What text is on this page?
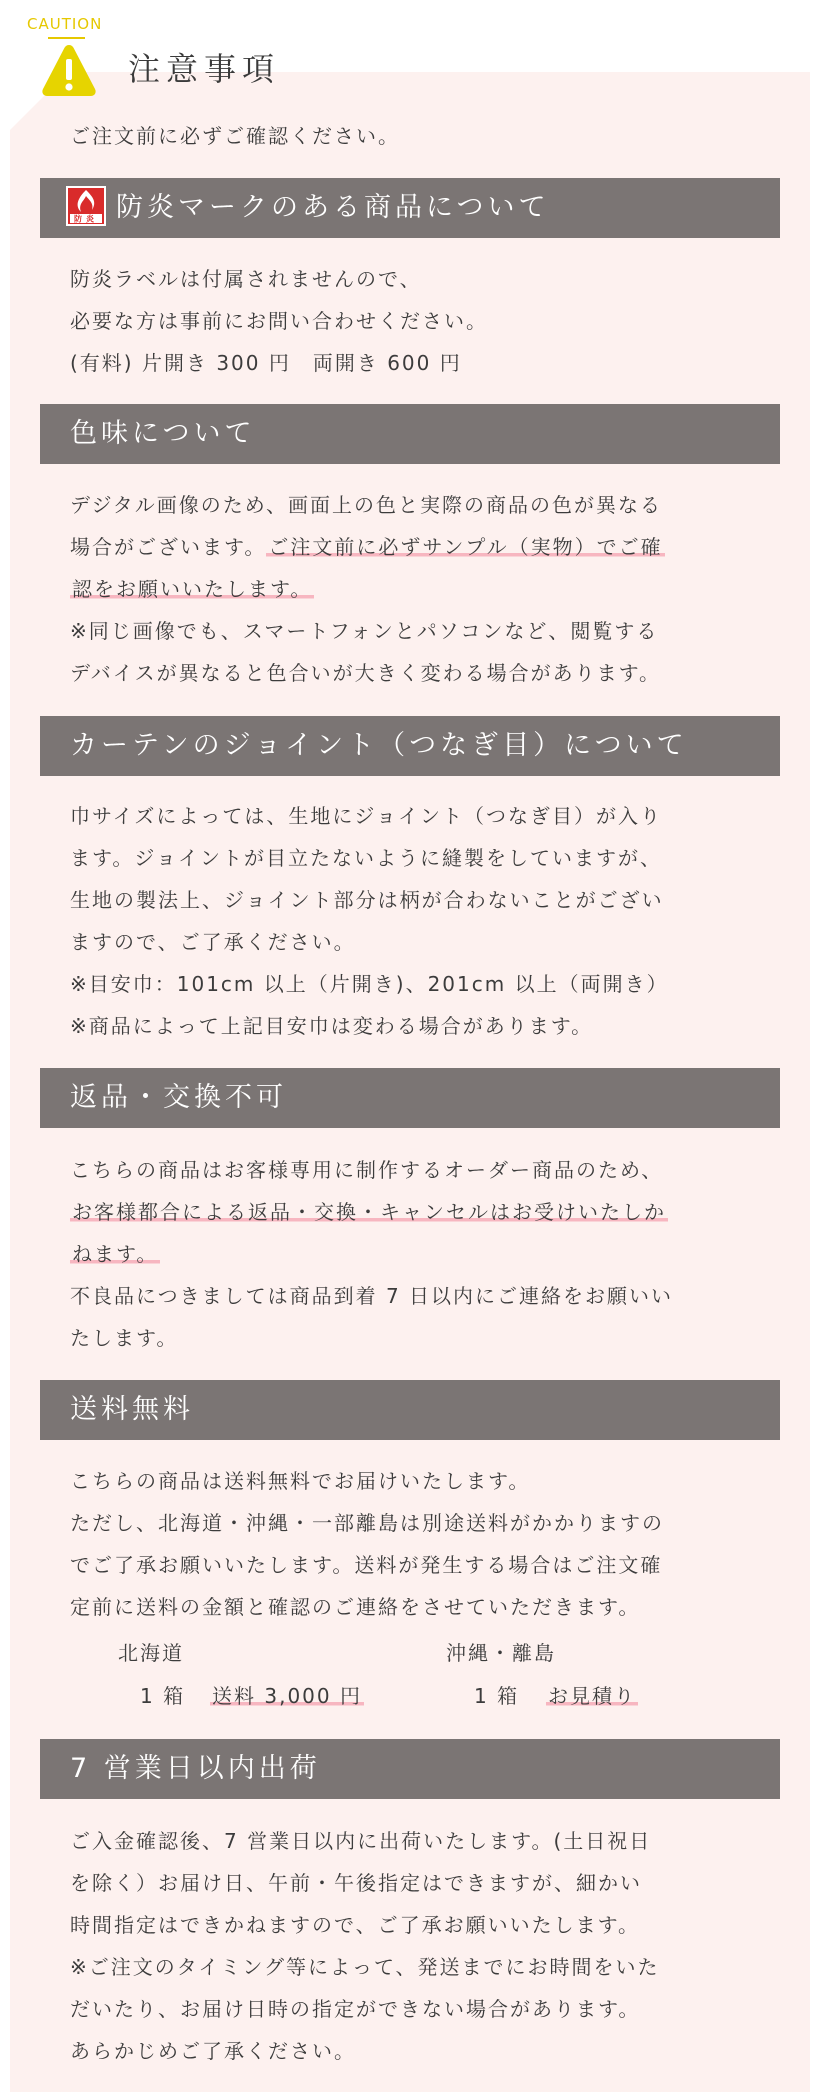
CAUTION
注意事項
ご注文前に必ずご確認ください。
防炎 防炎マークのある商品について
防炎ラベルは付属されませんので、
必要な方は事前にお問い合わせください。
(有料) 片開き 300 円　両開き 600 円
色味について
デジタル画像のため、画面上の色と実際の商品の色が異なる
場合がございます。 ご注文前に必ずサンプル（実物）でご確
認をお願いいたします。
※同じ画像でも、スマートフォンとパソコンなど、閲覧する
デバイスが異なると色合いが大きく変わる場合があります。
カーテンのジョイント（つなぎ目）について
巾サイズによっては、生地にジョイント（つなぎ目）が入り
ます。ジョイントが目立たないように縫製をしていますが、
生地の製法上、ジョイント部分は柄が合わないことがござい
ますので、ご了承ください。
※目安巾：101cm 以上（片開き)、201cm 以上（両開き）
※商品によって上記目安巾は変わる場合があります。
返品・交換不可
こちらの商品はお客様専用に制作するオーダー商品のため、
お客様都合による返品・交換・キャンセルはお受けいたしか
ねます。
不良品につきましては商品到着 7 日以内にご連絡をお願いい
たします。
送料無料
こちらの商品は送料無料でお届けいたします。
ただし、北海道・沖縄・一部離島は別途送料がかかりますの
でご了承お願いいたします。送料が発生する場合はご注文確
定前に送料の金額と確認のご連絡をさせていただきます。
北海道
1 箱 送料 3,000 円
沖縄・離島
1 箱 お見積り
7 営業日以内出荷
ご入金確認後、7 営業日以内に出荷いたします。(土日祝日
を除く）お届け日、午前・午後指定はできますが、細かい
時間指定はできかねますので、ご了承お願いいたします。
※ご注文のタイミング等によって、発送までにお時間をいた
だいたり、お届け日時の指定ができない場合があります。
あらかじめご了承ください。
